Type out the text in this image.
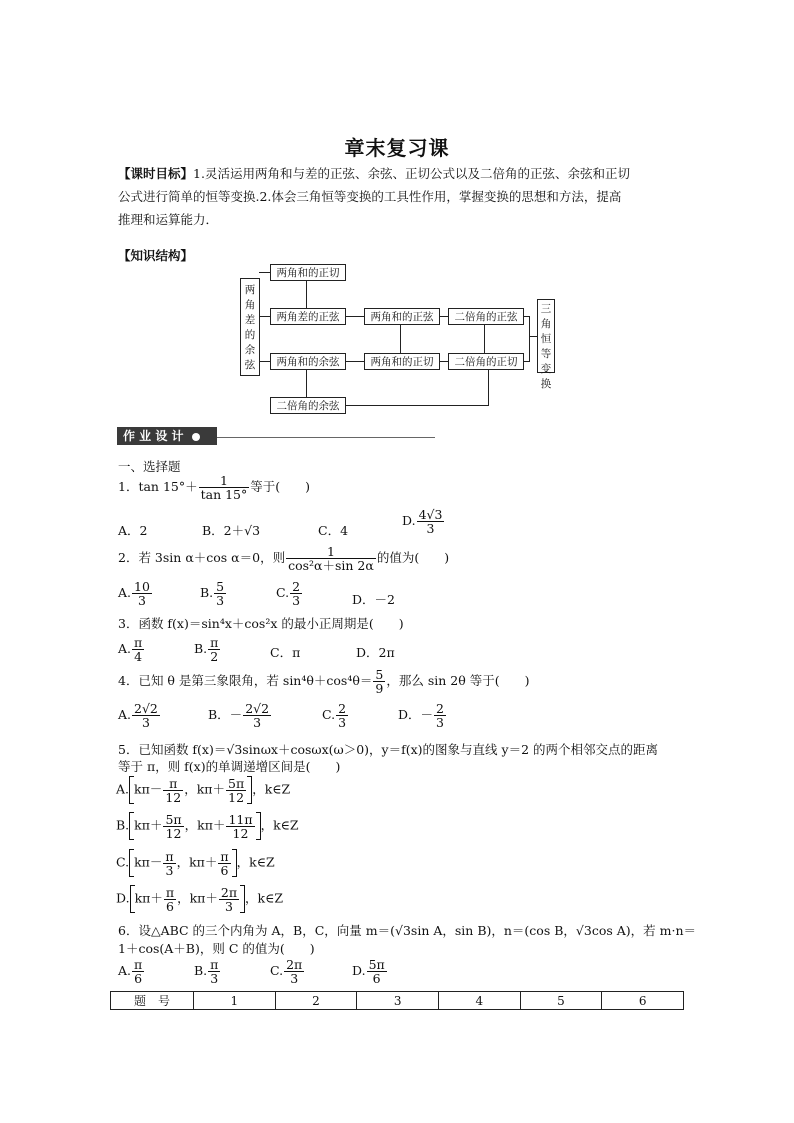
章末复习课
【课时目标】1.灵活运用两角和与差的正弦、余弦、正切公式以及二倍角的正弦、余弦和正切
公式进行简单的恒等变换.2.体会三角恒等变换的工具性作用，掌握变换的思想和方法，提高
推理和运算能力．
【知识结构】
两角差的余弦
三角恒等变换
两角和的正切
两角差的正弦	两角和的正弦	二倍角的正弦
两角和的余弦	两角和的正切	二倍角的正切
二倍角的余弦
作 业 设 计
一、选择题
1．$\tan 15^\circ+ \frac{1}{\tan 15^\circ}$ 等于(　　)
A．2	B．2＋√3	C．4
D. $\frac{4√3}{3}$
2．若 3sin α＋cos α＝0，则 $\frac{1}{\text{cos²α＋sin 2α}}$ 的值为(　　)
A. $\frac{10}{3}$	B. $\frac{5}{3}$	C. $\frac{2}{3}$	D．－2
3．函数 f(x)＝sin⁴x＋cos²x 的最小正周期是(　　)
A. $\frac{\pi}{4}$	B. $\frac{\pi}{2}$	C．π	D．2π
4．已知 θ 是第三象限角，若 $\sin^4\theta+\cos^4\theta= \frac{5}{9}$ ，那么 sin 2θ 等于(　　)
A. $\frac{2√2}{3}$	B．－ $\frac{2√2}{3}$	C. $\frac{2}{3}$	D．－ $\frac{2}{3}$
5．已知函数 f(x)＝√3sinωx＋cosωx(ω＞0)，y＝f(x)的图象与直线 y＝2 的两个相邻交点的距离
等于 π，则 f(x)的单调递增区间是(　　)
A. $k\pi- \frac{\pi}{12}$ ，$k\pi+ \frac{5\pi}{12}$ ，k∈Z
B. $k\pi+ \frac{5\pi}{12}$ ，$k\pi+ \frac{11\pi}{12}$ ，k∈Z
C. $k\pi- \frac{\pi}{3}$ ，$k\pi+ \frac{\pi}{6}$ ，k∈Z
D. $k\pi+ \frac{\pi}{6}$ ，$k\pi+ \frac{2\pi}{3}$ ，k∈Z
6．设△ABC 的三个内角为 A，B，C，向量 m＝(√3sin A，sin B)，n＝(cos B，√3cos A)，若 m·n＝
1＋cos(A＋B)，则 C 的值为(　　)
A. $\frac{\pi}{6}$	B. $\frac{\pi}{3}$	C. $\frac{2\pi}{3}$	D. $\frac{5\pi}{6}$
题　号	1	2	3	4	5	6
